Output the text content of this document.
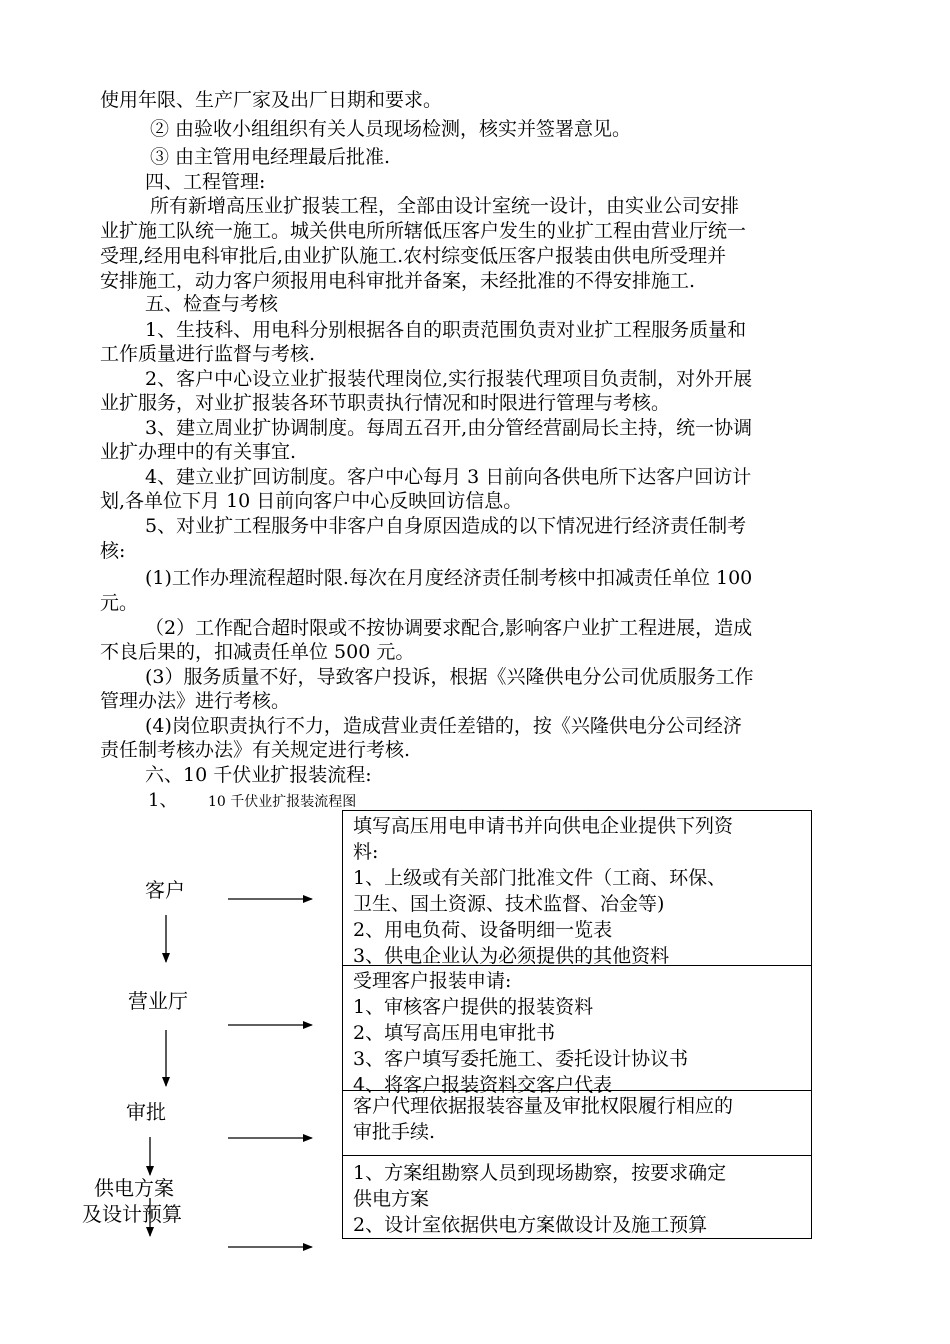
使用年限、生产厂家及出厂日期和要求。
② 由验收小组组织有关人员现场检测，核实并签署意见。
③ 由主管用电经理最后批准.
四、工程管理:
所有新增高压业扩报装工程，全部由设计室统一设计，由实业公司安排
业扩施工队统一施工。城关供电所所辖低压客户发生的业扩工程由营业厅统一
受理,经用电科审批后,由业扩队施工.农村综变低压客户报装由供电所受理并
安排施工，动力客户须报用电科审批并备案，未经批准的不得安排施工.
五、检查与考核
1、生技科、用电科分别根据各自的职责范围负责对业扩工程服务质量和
工作质量进行监督与考核.
2、客户中心设立业扩报装代理岗位,实行报装代理项目负责制，对外开展
业扩服务，对业扩报装各环节职责执行情况和时限进行管理与考核。
3、建立周业扩协调制度。每周五召开,由分管经营副局长主持，统一协调
业扩办理中的有关事宜.
4、建立业扩回访制度。客户中心每月 3 日前向各供电所下达客户回访计
划,各单位下月 10 日前向客户中心反映回访信息。
5、对业扩工程服务中非客户自身原因造成的以下情况进行经济责任制考
核:
(1)工作办理流程超时限.每次在月度经济责任制考核中扣减责任单位 100
元。
（2）工作配合超时限或不按协调要求配合,影响客户业扩工程进展，造成
不良后果的，扣减责任单位 500 元。
(3）服务质量不好，导致客户投诉，根据《兴隆供电分公司优质服务工作
管理办法》进行考核。
(4)岗位职责执行不力，造成营业责任差错的，按《兴隆供电分公司经济
责任制考核办法》有关规定进行考核.
六、10 千伏业扩报装流程:
1、 10 千伏业扩报装流程图
填写高压用电申请书并向供电企业提供下列资
料:
1、上级或有关部门批准文件（工商、环保、
卫生、国土资源、技术监督、冶金等)
2、用电负荷、设备明细一览表
3、供电企业认为必须提供的其他资料
受理客户报装申请:
1、审核客户提供的报装资料
2、填写高压用电审批书
3、客户填写委托施工、委托设计协议书
4、将客户报装资料交客户代表
客户代理依据报装容量及审批权限履行相应的
审批手续.
1、方案组勘察人员到现场勘察，按要求确定
供电方案
2、设计室依据供电方案做设计及施工预算
客户
营业厅
审批
供电方案
及设计预算
